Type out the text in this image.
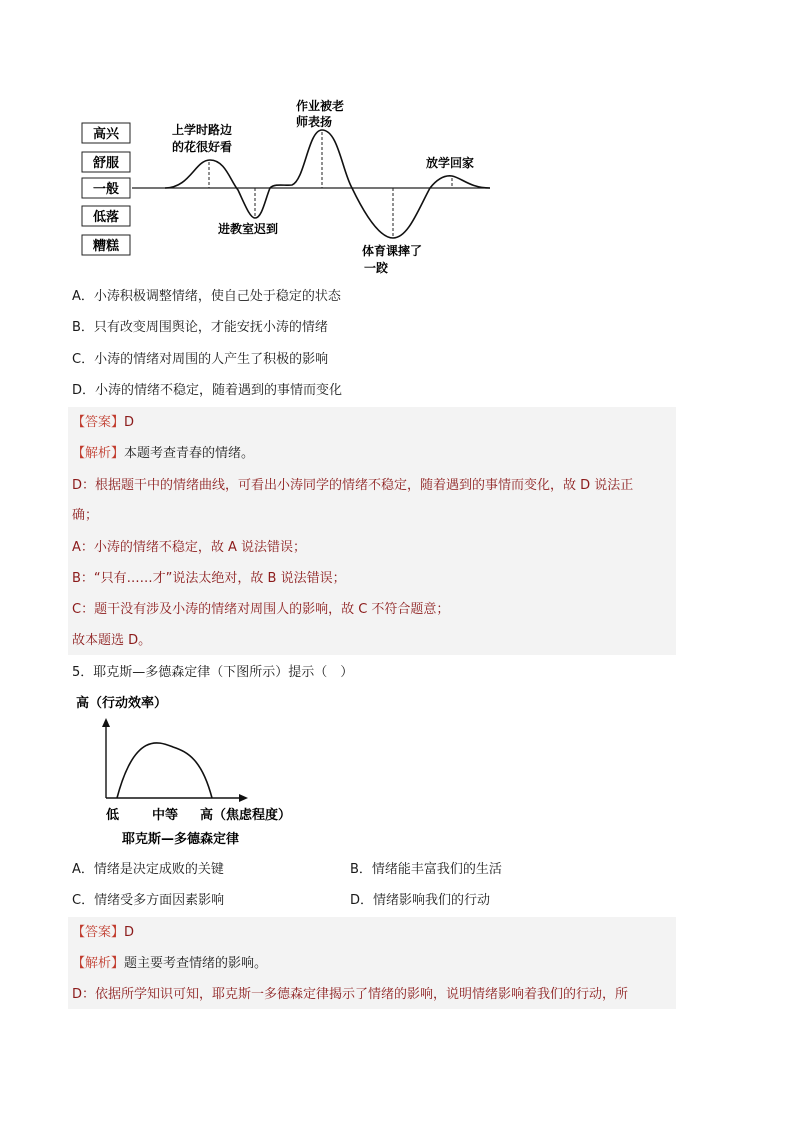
高兴
舒服
一般
低落
糟糕
上学时路边
的花很好看
进教室迟到
作业被老
师表扬
体育课摔了
一跤
放学回家
A．小涛积极调整情绪，使自己处于稳定的状态
B．只有改变周围舆论，才能安抚小涛的情绪
C．小涛的情绪对周围的人产生了积极的影响
D．小涛的情绪不稳定，随着遇到的事情而变化
【答案】D
【解析】本题考查青春的情绪。
D：根据题干中的情绪曲线，可看出小涛同学的情绪不稳定，随着遇到的事情而变化，故 D 说法正
确；
A：小涛的情绪不稳定，故 A 说法错误；
B：“只有……才”说法太绝对，故 B 说法错误；
C：题干没有涉及小涛的情绪对周围人的影响，故 C 不符合题意；
故本题选 D。
5．耶克斯—多德森定律（下图所示）提示（　）
高（行动效率）
低	中等 高（焦虑程度）
耶克斯—多德森定律
A．情绪是决定成败的关键	B．情绪能丰富我们的生活
C．情绪受多方面因素影响	D．情绪影响我们的行动
【答案】D
【解析】题主要考查情绪的影响。
D：依据所学知识可知，耶克斯一多德森定律揭示了情绪的影响，说明情绪影响着我们的行动，所
